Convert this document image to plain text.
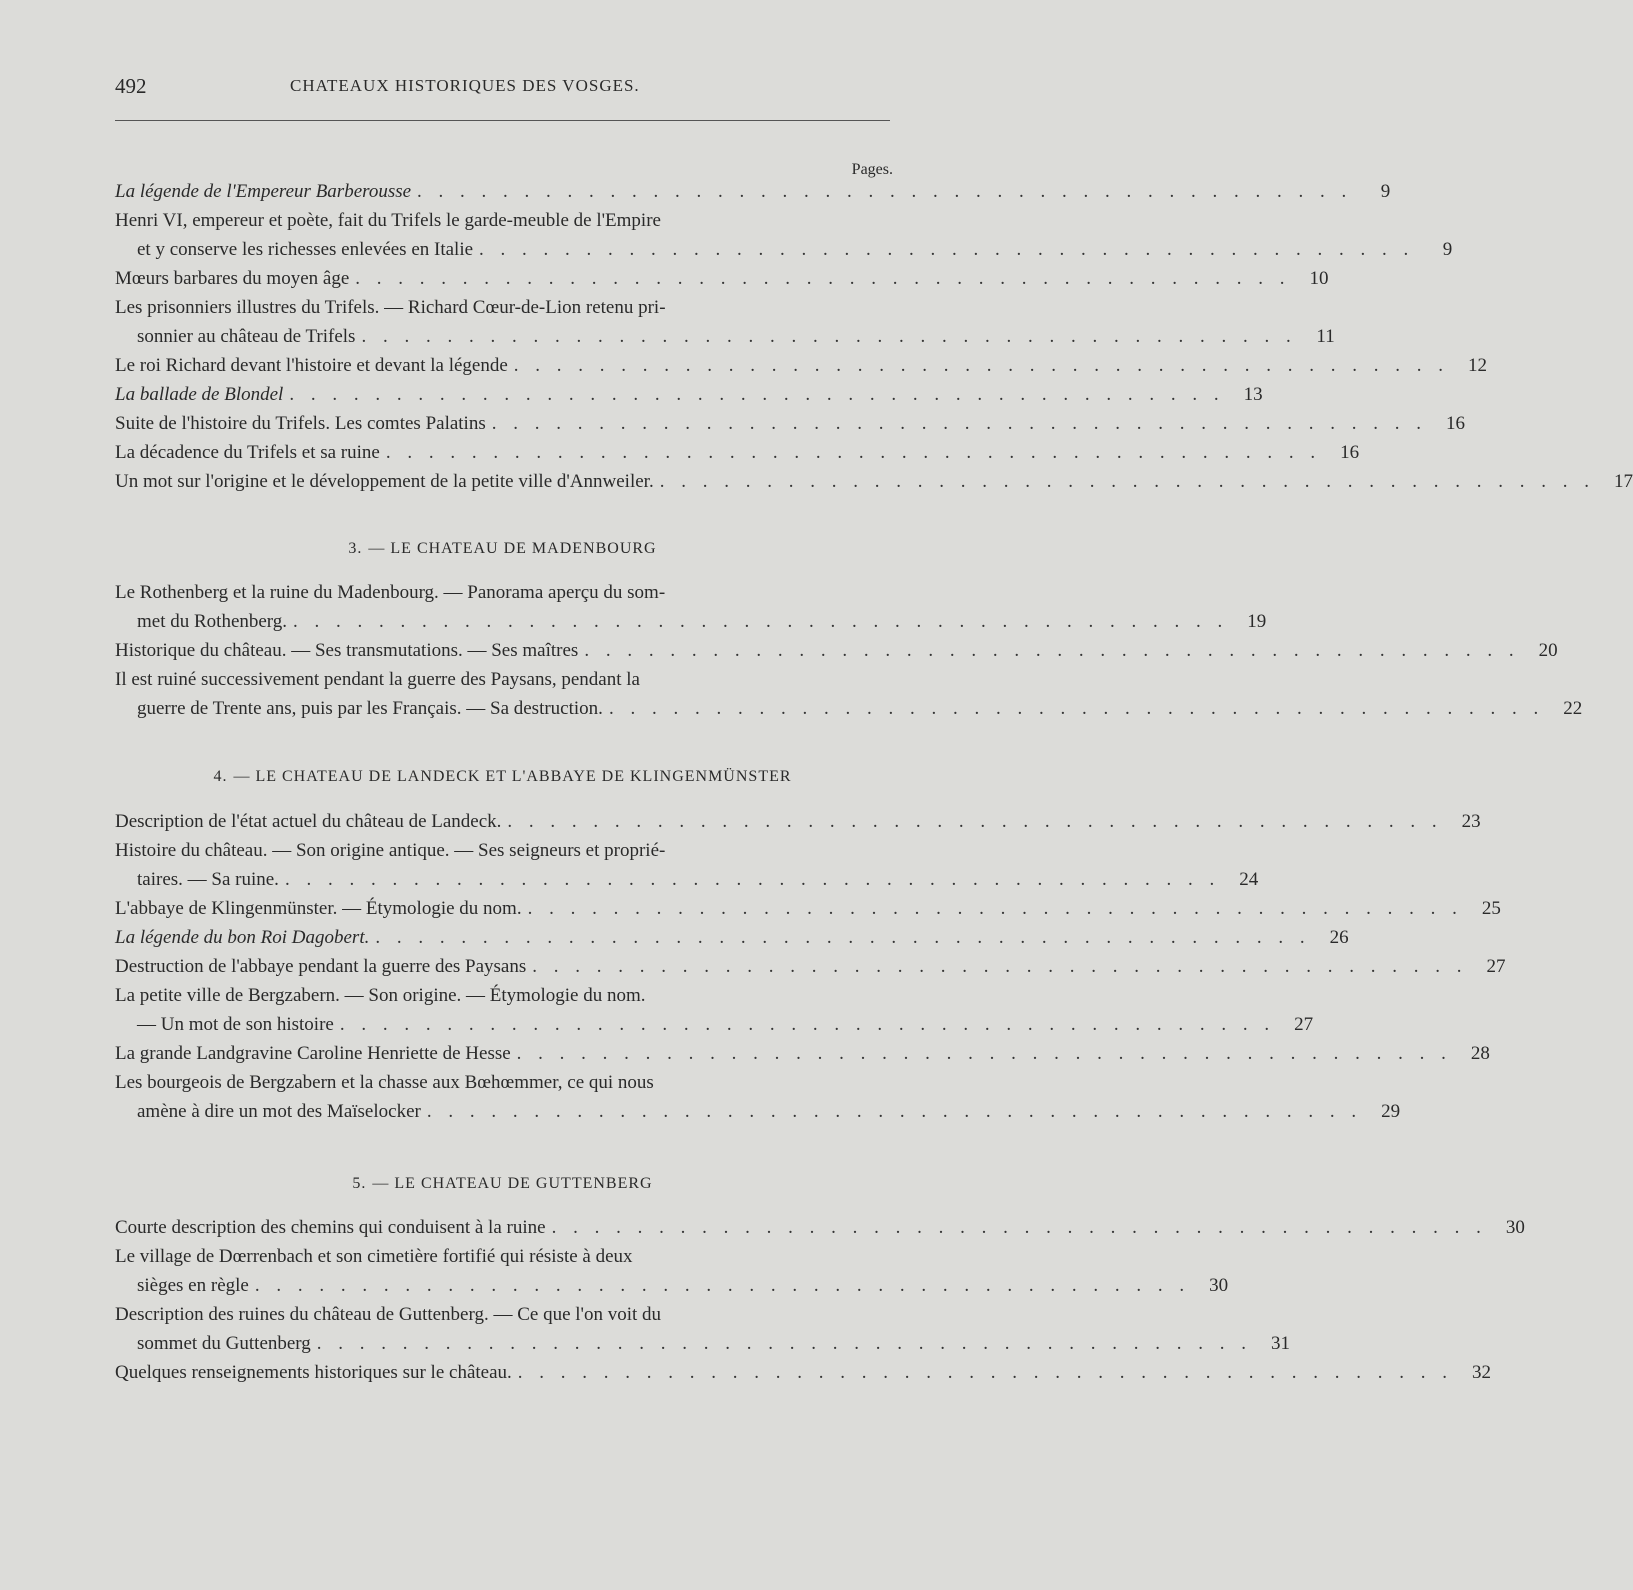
492	CHATEAUX HISTORIQUES DES VOSGES.
Pages.
3. — LE CHATEAU DE MADENBOURG
4. — LE CHATEAU DE LANDECK ET L'ABBAYE DE KLINGENMÜNSTER
5. — LE CHATEAU DE GUTTENBERG
La légende de l'Empereur Barberousse . . . . . . . . . . . . . . . . . . . . . . . . . . . . . . . . . . . . . . . . . . . .	9
Henri VI, empereur et poète, fait du Trifels le garde-meuble de l'Empire
et y conserve les richesses enlevées en Italie . . . . . . . . . . . . . . . . . . . . . . . . . . . . . . . . . . . . . . . . . . . .	9
Mœurs barbares du moyen âge . . . . . . . . . . . . . . . . . . . . . . . . . . . . . . . . . . . . . . . . . . . .	10
Les prisonniers illustres du Trifels. — Richard Cœur-de-Lion retenu pri-
sonnier au château de Trifels . . . . . . . . . . . . . . . . . . . . . . . . . . . . . . . . . . . . . . . . . . . .	11
Le roi Richard devant l'histoire et devant la légende . . . . . . . . . . . . . . . . . . . . . . . . . . . . . . . . . . . . . . . . . . . .	12
La ballade de Blondel . . . . . . . . . . . . . . . . . . . . . . . . . . . . . . . . . . . . . . . . . . . .	13
Suite de l'histoire du Trifels. Les comtes Palatins . . . . . . . . . . . . . . . . . . . . . . . . . . . . . . . . . . . . . . . . . . . .	16
La décadence du Trifels et sa ruine . . . . . . . . . . . . . . . . . . . . . . . . . . . . . . . . . . . . . . . . . . . .	16
Un mot sur l'origine et le développement de la petite ville d'Annweiler. . . . . . . . . . . . . . . . . . . . . . . . . . . . . . . . . . . . . . . . . . . . .	17
Le Rothenberg et la ruine du Madenbourg. — Panorama aperçu du som-
met du Rothenberg. . . . . . . . . . . . . . . . . . . . . . . . . . . . . . . . . . . . . . . . . . . . .	19
Historique du château. — Ses transmutations. — Ses maîtres . . . . . . . . . . . . . . . . . . . . . . . . . . . . . . . . . . . . . . . . . . . .	20
Il est ruiné successivement pendant la guerre des Paysans, pendant la
guerre de Trente ans, puis par les Français. — Sa destruction. . . . . . . . . . . . . . . . . . . . . . . . . . . . . . . . . . . . . . . . . . . . .	22
Description de l'état actuel du château de Landeck. . . . . . . . . . . . . . . . . . . . . . . . . . . . . . . . . . . . . . . . . . . . .	23
Histoire du château. — Son origine antique. — Ses seigneurs et proprié-
taires. — Sa ruine. . . . . . . . . . . . . . . . . . . . . . . . . . . . . . . . . . . . . . . . . . . . .	24
L'abbaye de Klingenmünster. — Étymologie du nom. . . . . . . . . . . . . . . . . . . . . . . . . . . . . . . . . . . . . . . . . . . . .	25
La légende du bon Roi Dagobert. . . . . . . . . . . . . . . . . . . . . . . . . . . . . . . . . . . . . . . . . . . . .	26
Destruction de l'abbaye pendant la guerre des Paysans . . . . . . . . . . . . . . . . . . . . . . . . . . . . . . . . . . . . . . . . . . . .	27
La petite ville de Bergzabern. — Son origine. — Étymologie du nom.
— Un mot de son histoire . . . . . . . . . . . . . . . . . . . . . . . . . . . . . . . . . . . . . . . . . . . .	27
La grande Landgravine Caroline Henriette de Hesse . . . . . . . . . . . . . . . . . . . . . . . . . . . . . . . . . . . . . . . . . . . .	28
Les bourgeois de Bergzabern et la chasse aux Bœhœmmer, ce qui nous
amène à dire un mot des Maïselocker . . . . . . . . . . . . . . . . . . . . . . . . . . . . . . . . . . . . . . . . . . . .	29
Courte description des chemins qui conduisent à la ruine . . . . . . . . . . . . . . . . . . . . . . . . . . . . . . . . . . . . . . . . . . . .	30
Le village de Dœrrenbach et son cimetière fortifié qui résiste à deux
sièges en règle . . . . . . . . . . . . . . . . . . . . . . . . . . . . . . . . . . . . . . . . . . . .	30
Description des ruines du château de Guttenberg. — Ce que l'on voit du
sommet du Guttenberg . . . . . . . . . . . . . . . . . . . . . . . . . . . . . . . . . . . . . . . . . . . .	31
Quelques renseignements historiques sur le château. . . . . . . . . . . . . . . . . . . . . . . . . . . . . . . . . . . . . . . . . . . . .	32
